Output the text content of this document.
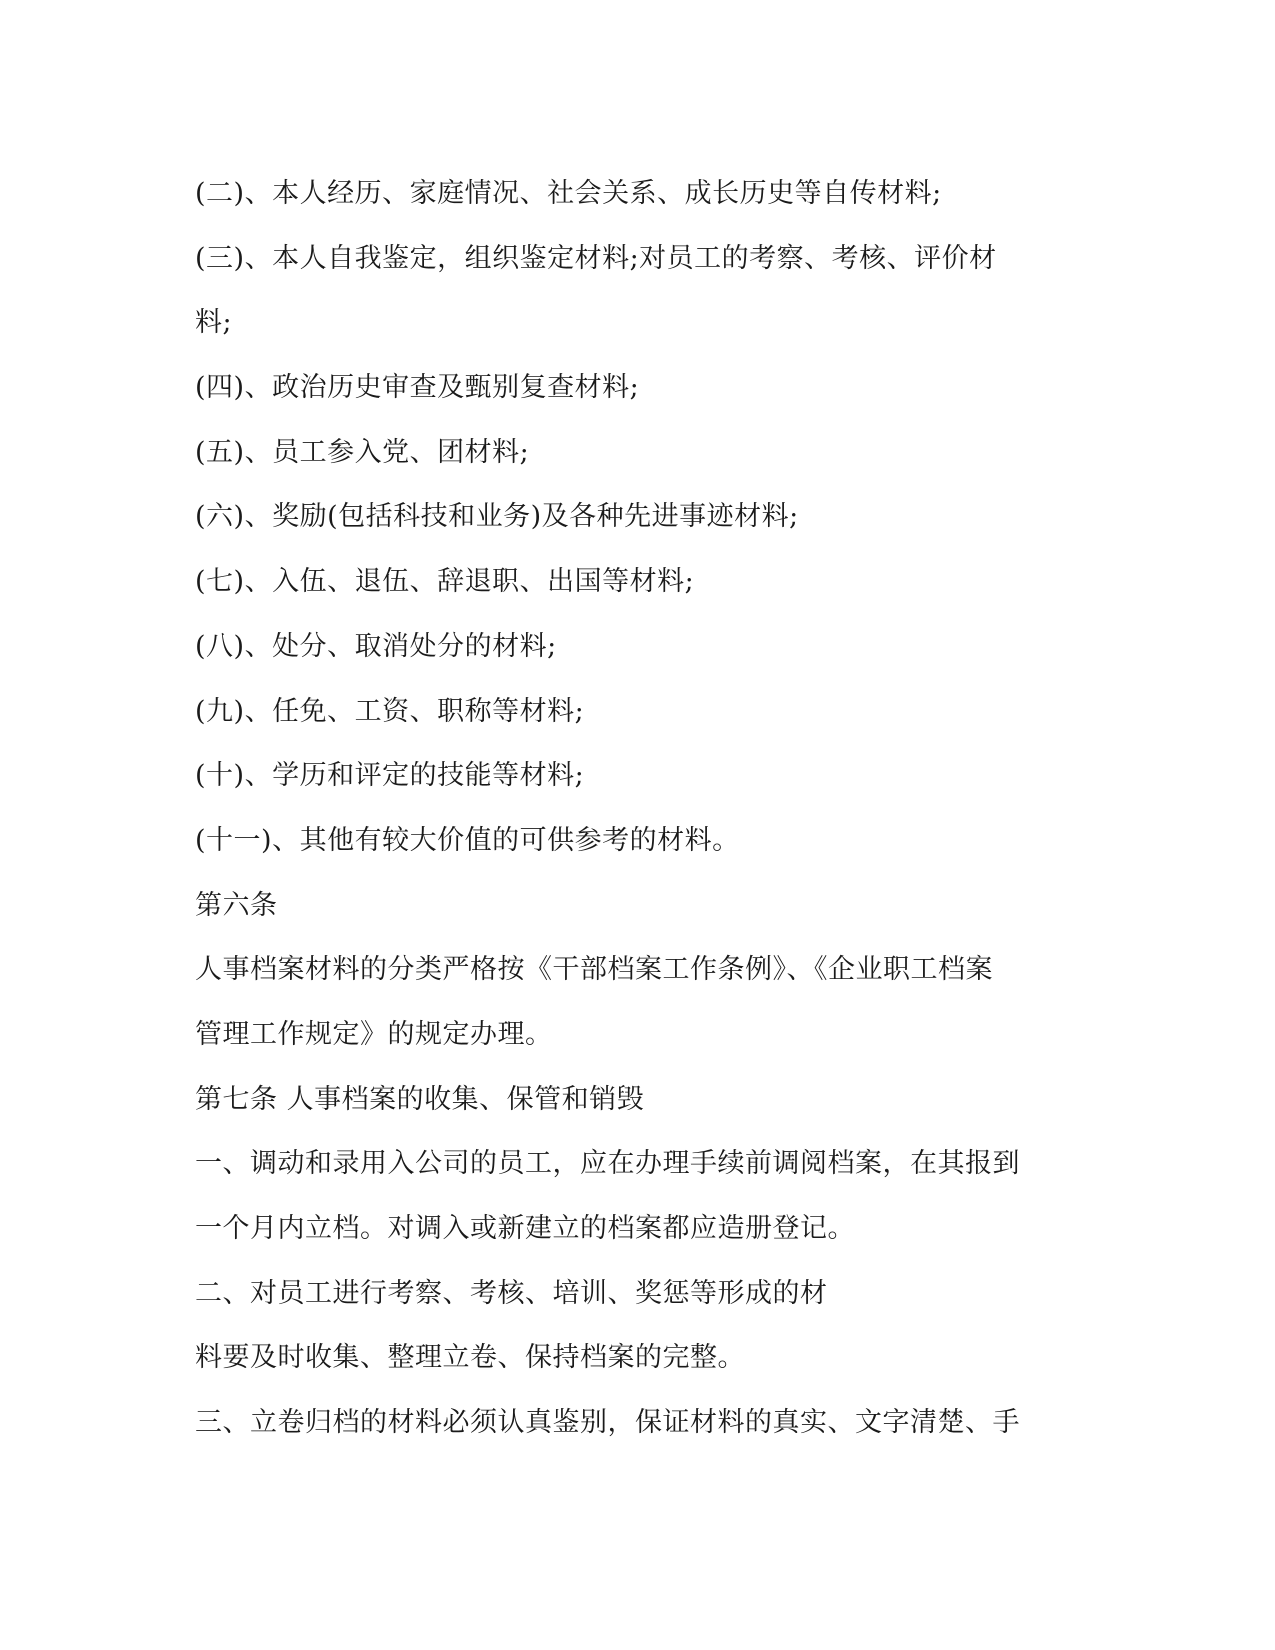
(二)、本人经历、家庭情况、社会关系、成长历史等自传材料;
(三)、本人自我鉴定，组织鉴定材料;对员工的考察、考核、评价材
料;
(四)、政治历史审查及甄别复查材料;
(五)、员工参入党、团材料;
(六)、奖励(包括科技和业务)及各种先进事迹材料;
(七)、入伍、退伍、辞退职、出国等材料;
(八)、处分、取消处分的材料;
(九)、任免、工资、职称等材料;
(十)、学历和评定的技能等材料;
(十一)、其他有较大价值的可供参考的材料。
第六条
人事档案材料的分类严格按《干部档案工作条例》、《企业职工档案
管理工作规定》的规定办理。
第七条 人事档案的收集、保管和销毁
一、调动和录用入公司的员工，应在办理手续前调阅档案，在其报到
一个月内立档。对调入或新建立的档案都应造册登记。
二、对员工进行考察、考核、培训、奖惩等形成的材
料要及时收集、整理立卷、保持档案的完整。
三、立卷归档的材料必须认真鉴别，保证材料的真实、文字清楚、手
